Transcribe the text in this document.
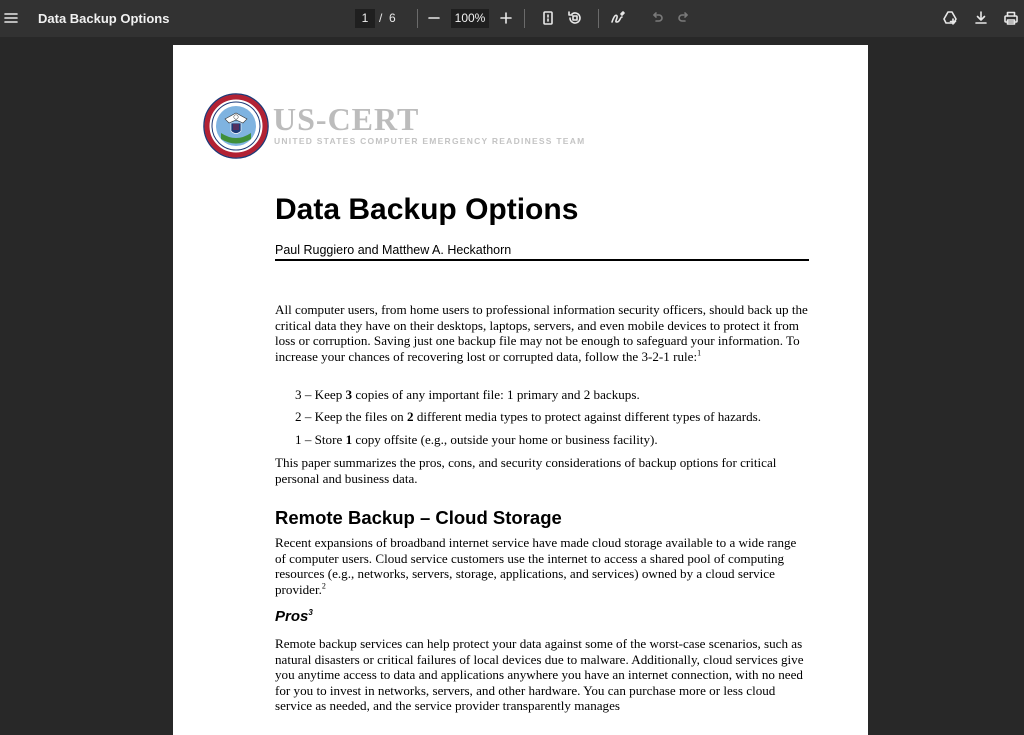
Data Backup Options	1 / 6	100%
US-CERT
UNITED STATES COMPUTER EMERGENCY READINESS TEAM
Data Backup Options
Paul Ruggiero and Matthew A. Heckathorn
All computer users, from home users to professional information security officers, should back up the critical data they have on their desktops, laptops, servers, and even mobile devices to protect it from loss or corruption. Saving just one backup file may not be enough to safeguard your information. To increase your chances of recovering lost or corrupted data, follow the 3-2-1 rule:$^1$
3 – Keep 3 copies of any important file: 1 primary and 2 backups.
2 – Keep the files on 2 different media types to protect against different types of hazards.
1 – Store 1 copy offsite (e.g., outside your home or business facility).
This paper summarizes the pros, cons, and security considerations of backup options for critical personal and business data.
Remote Backup – Cloud Storage
Recent expansions of broadband internet service have made cloud storage available to a wide range of computer users. Cloud service customers use the internet to access a shared pool of computing resources (e.g., networks, servers, storage, applications, and services) owned by a cloud service provider.$^2$
Pros$^3$
Remote backup services can help protect your data against some of the worst-case scenarios, such as natural disasters or critical failures of local devices due to malware. Additionally, cloud services give you anytime access to data and applications anywhere you have an internet connection, with no need for you to invest in networks, servers, and other hardware. You can purchase more or less cloud service as needed, and the service provider transparently manages
